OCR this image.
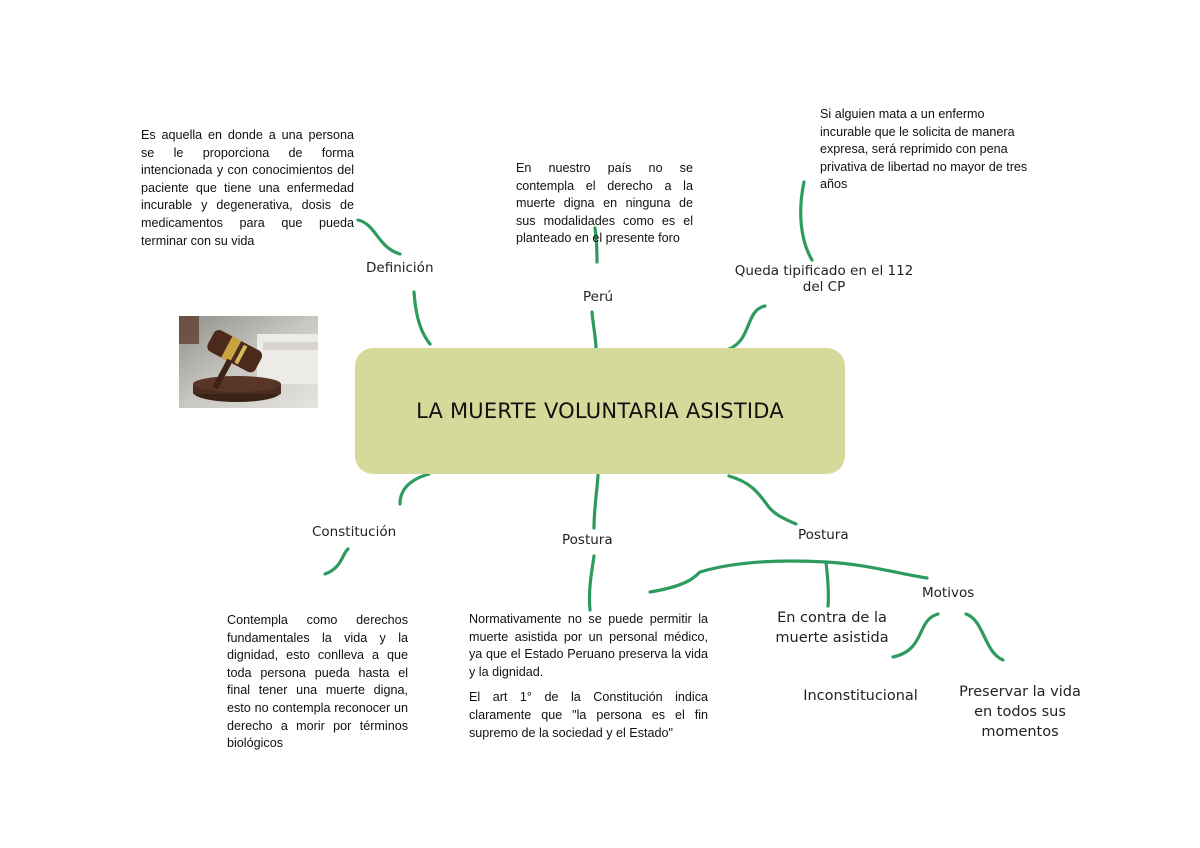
LA MUERTE VOLUNTARIA ASISTIDA
Es aquella en donde a una persona se le proporciona de forma intencionada y con conocimientos del paciente que tiene una enfermedad incurable y degenerativa, dosis de medicamentos para que pueda terminar con su vida
Definición
En nuestro país no se contempla el derecho a la muerte digna en ninguna de sus modalidades como es el planteado en el presente foro
Perú
Si alguien mata a un enfermo incurable que le solicita de manera expresa, será reprimido con pena privativa de libertad no mayor de tres años
Queda tipificado en el 112
del CP
Constitución
Contempla como derechos fundamentales la vida y la dignidad, esto conlleva a que toda persona pueda hasta el final tener una muerte digna, esto no contempla reconocer un derecho a morir por términos biológicos
Postura
Normativamente no se puede permitir la muerte asistida por un personal médico, ya que el Estado Peruano preserva la vida y la dignidad.
El art 1° de la Constitución indica claramente que "la persona es el fin supremo de la sociedad y el Estado"
Postura
Motivos
En contra de la muerte asistida
Inconstitucional	Preservar la vida en todos sus momentos
